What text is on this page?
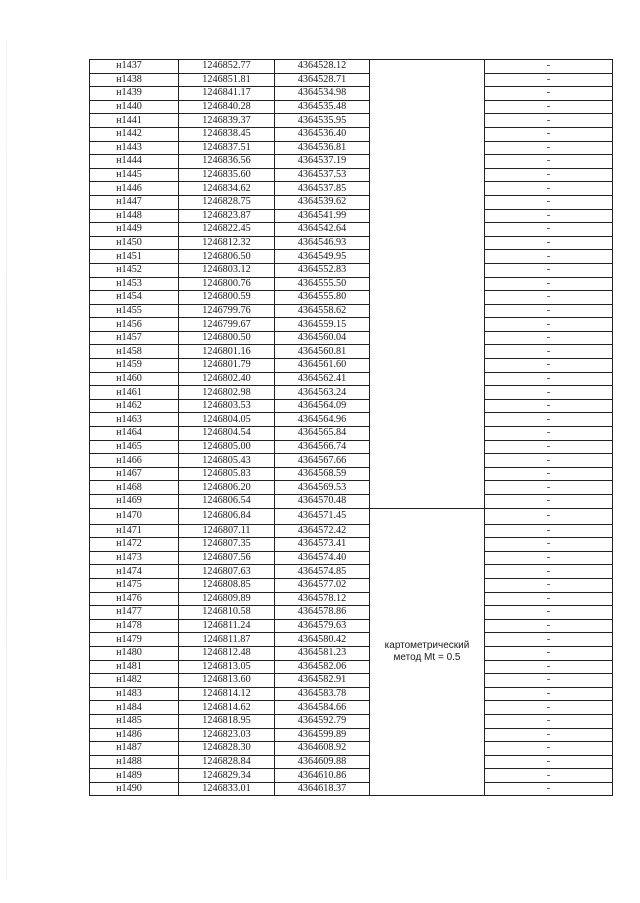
н1437	1246852.77	4364528.12		-
н1438	1246851.81	4364528.71		-
н1439	1246841.17	4364534.98		-
н1440	1246840.28	4364535.48		-
н1441	1246839.37	4364535.95		-
н1442	1246838.45	4364536.40		-
н1443	1246837.51	4364536.81		-
н1444	1246836.56	4364537.19		-
н1445	1246835.60	4364537.53		-
н1446	1246834.62	4364537.85		-
н1447	1246828.75	4364539.62		-
н1448	1246823.87	4364541.99		-
н1449	1246822.45	4364542.64		-
н1450	1246812.32	4364546.93		-
н1451	1246806.50	4364549.95		-
н1452	1246803.12	4364552.83		-
н1453	1246800.76	4364555.50		-
н1454	1246800.59	4364555.80		-
н1455	1246799.76	4364558.62		-
н1456	1246799.67	4364559.15		-
н1457	1246800.50	4364560.04		-
н1458	1246801.16	4364560.81		-
н1459	1246801.79	4364561.60		-
н1460	1246802.40	4364562.41		-
н1461	1246802.98	4364563.24		-
н1462	1246803.53	4364564.09		-
н1463	1246804.05	4364564.96		-
н1464	1246804.54	4364565.84		-
н1465	1246805.00	4364566.74		-
н1466	1246805.43	4364567.66		-
н1467	1246805.83	4364568.59		-
н1468	1246806.20	4364569.53		-
н1469	1246806.54	4364570.48		-
н1470	1246806.84	4364571.45	картометрический метод Mt = 0.5	-
н1471	1246807.11	4364572.42		-
н1472	1246807.35	4364573.41		-
н1473	1246807.56	4364574.40		-
н1474	1246807.63	4364574.85		-
н1475	1246808.85	4364577.02		-
н1476	1246809.89	4364578.12		-
н1477	1246810.58	4364578.86		-
н1478	1246811.24	4364579.63		-
н1479	1246811.87	4364580.42		-
н1480	1246812.48	4364581.23		-
н1481	1246813.05	4364582.06		-
н1482	1246813.60	4364582.91		-
н1483	1246814.12	4364583.78		-
н1484	1246814.62	4364584.66		-
н1485	1246818.95	4364592.79		-
н1486	1246823.03	4364599.89		-
н1487	1246828.30	4364608.92		-
н1488	1246828.84	4364609.88		-
н1489	1246829.34	4364610.86		-
н1490	1246833.01	4364618.37		-
